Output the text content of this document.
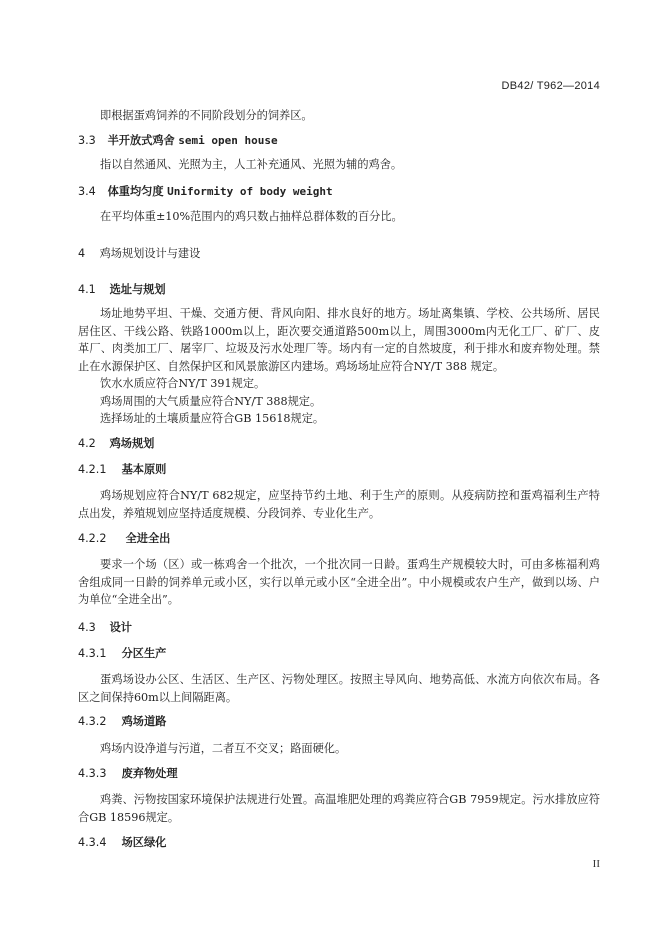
DB42/ T962—2014
即根据蛋鸡饲养的不同阶段划分的饲养区。
3.3 半开放式鸡舍 semi open house
指以自然通风、光照为主，人工补充通风、光照为辅的鸡舍。
3.4 体重均匀度 Uniformity of body weight
在平均体重±10%范围内的鸡只数占抽样总群体数的百分比。
4 鸡场规划设计与建设
4.1 选址与规划
场址地势平坦、干燥、交通方便、背风向阳、排水良好的地方。场址离集镇、学校、公共场所、居民居住区、干线公路、铁路1000m以上，距次要交通道路500m以上，周围3000m内无化工厂、矿厂、皮革厂、肉类加工厂、屠宰厂、垃圾及污水处理厂等。场内有一定的自然坡度，利于排水和废弃物处理。禁止在水源保护区、自然保护区和风景旅游区内建场。鸡场场址应符合NY/T 388 规定。
饮水水质应符合NY/T 391规定。
鸡场周围的大气质量应符合NY/T 388规定。
选择场址的土壤质量应符合GB 15618规定。
4.2 鸡场规划
4.2.1 基本原则
鸡场规划应符合NY/T 682规定，应坚持节约土地、利于生产的原则。从疫病防控和蛋鸡福利生产特点出发，养殖规划应坚持适度规模、分段饲养、专业化生产。
4.2.2 全进全出
要求一个场（区）或一栋鸡舍一个批次，一个批次同一日龄。蛋鸡生产规模较大时，可由多栋福利鸡舍组成同一日龄的饲养单元或小区，实行以单元或小区“全进全出”。中小规模或农户生产，做到以场、户为单位“全进全出”。
4.3 设计
4.3.1 分区生产
蛋鸡场设办公区、生活区、生产区、污物处理区。按照主导风向、地势高低、水流方向依次布局。各区之间保持60m以上间隔距离。
4.3.2 鸡场道路
鸡场内设净道与污道，二者互不交叉；路面硬化。
4.3.3 废弃物处理
鸡粪、污物按国家环境保护法规进行处置。高温堆肥处理的鸡粪应符合GB 7959规定。污水排放应符合GB 18596规定。
4.3.4 场区绿化
II
